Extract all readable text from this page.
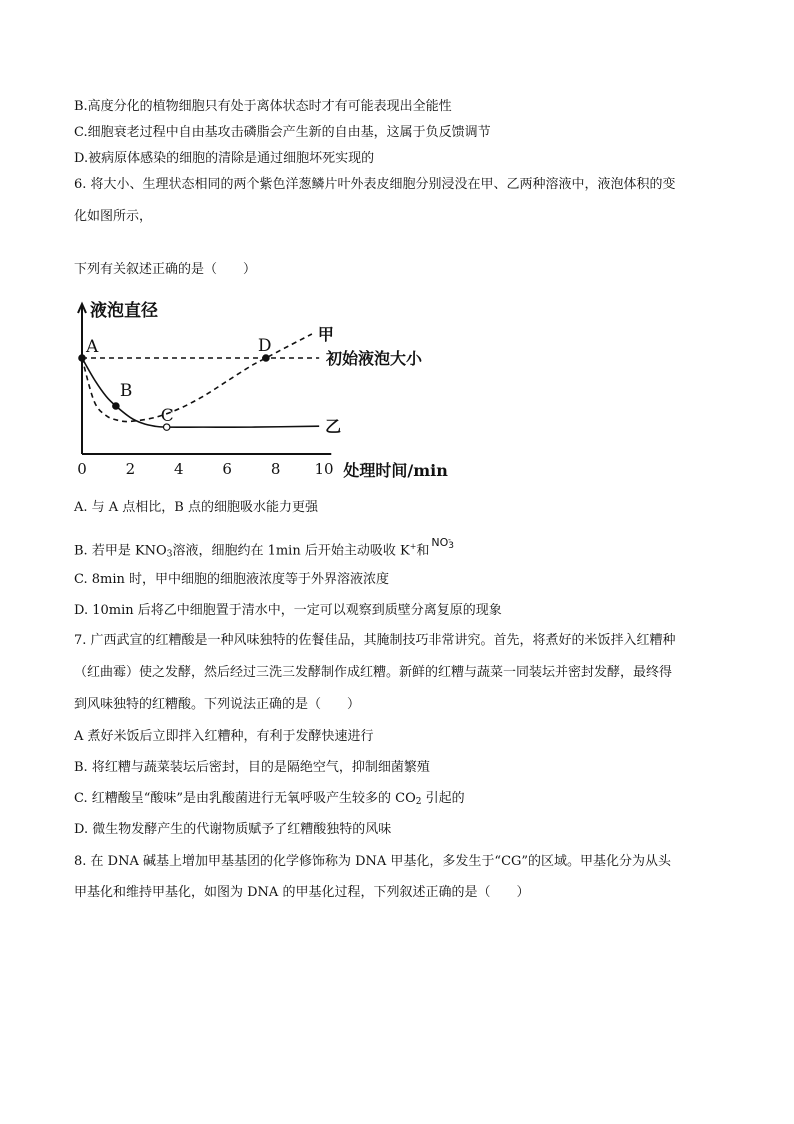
B.高度分化的植物细胞只有处于离体状态时才有可能表现出全能性
C.细胞衰老过程中自由基攻击磷脂会产生新的自由基，这属于负反馈调节
D.被病原体感染的细胞的清除是通过细胞坏死实现的
6. 将大小、生理状态相同的两个紫色洋葱鳞片叶外表皮细胞分别浸没在甲、乙两种溶液中，液泡体积的变
化如图所示，
下列有关叙述正确的是（　　）
液泡直径
处理时间/min
0	2	4	6	8 10
甲
乙
初始液泡大小
A
B
C
D
A. 与 A 点相比，B 点的细胞吸水能力更强
B. 若甲是 $KNO_3$溶液，细胞约在 1min 后开始主动吸收 K+和$^{NO_3^-}$
C. 8min 时，甲中细胞的细胞液浓度等于外界溶液浓度
D. 10min 后将乙中细胞置于清水中，一定可以观察到质壁分离复原的现象
7. 广西武宣的红糟酸是一种风味独特的佐餐佳品，其腌制技巧非常讲究。首先，将煮好的米饭拌入红糟种
（红曲霉）使之发酵，然后经过三洗三发酵制作成红糟。新鲜的红糟与蔬菜一同装坛并密封发酵，最终得
到风味独特的红糟酸。下列说法正确的是（　　）
A 煮好米饭后立即拌入红糟种，有利于发酵快速进行
B. 将红糟与蔬菜装坛后密封，目的是隔绝空气，抑制细菌繁殖
C. 红糟酸呈“酸味”是由乳酸菌进行无氧呼吸产生较多的 $CO_2$ 引起的
D. 微生物发酵产生的代谢物质赋予了红糟酸独特的风味
8. 在 DNA 碱基上增加甲基基团的化学修饰称为 DNA 甲基化，多发生于“CG”的区域。甲基化分为从头
甲基化和维持甲基化，如图为 DNA 的甲基化过程，下列叙述正确的是（　　）
